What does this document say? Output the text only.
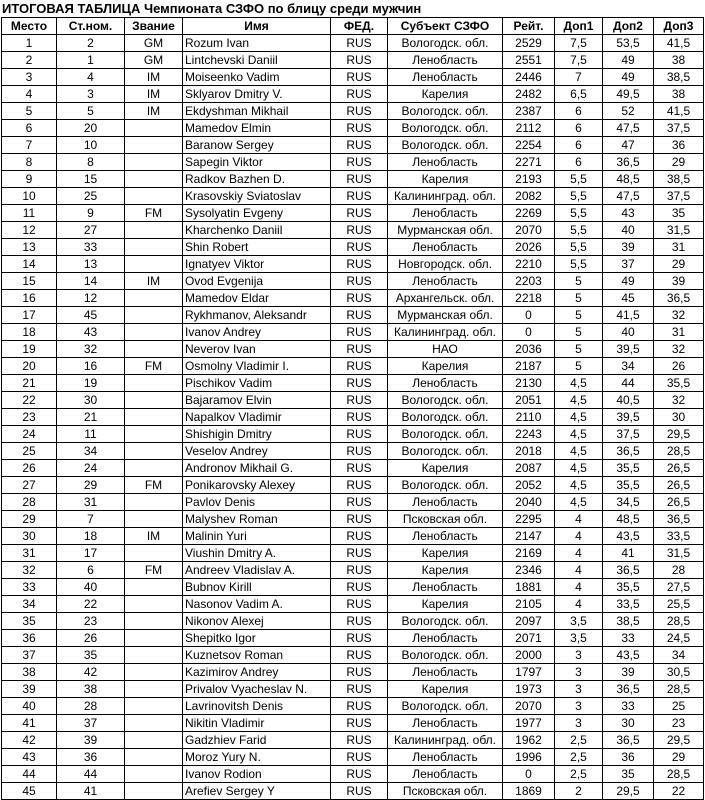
ИТОГОВАЯ ТАБЛИЦА Чемпионата СЗФО по блицу среди мужчин
Место	Ст.ном.	Звание	Имя	ФЕД.	Субъект СЗФО	Рейт.	Доп1	Доп2	Доп3
1	2	GM	Rozum Ivan	RUS	Вологодск. обл.	2529	7,5	53,5	41,5
2	1	GM	Lintchevski Daniil	RUS	Ленобласть	2551	7,5	49	38
3	4	IM	Moiseenko Vadim	RUS	Ленобласть	2446	7	49	38,5
4	3	IM	Sklyarov Dmitry V.	RUS	Карелия	2482	6,5	49,5	38
5	5	IM	Ekdyshman Mikhail	RUS	Вологодск. обл.	2387	6	52	41,5
6	20		Mamedov Elmin	RUS	Вологодск. обл.	2112	6	47,5	37,5
7	10		Baranow Sergey	RUS	Вологодск. обл.	2254	6	47	36
8	8		Sapegin Viktor	RUS	Ленобласть	2271	6	36,5	29
9	15		Radkov Bazhen D.	RUS	Карелия	2193	5,5	48,5	38,5
10	25		Krasovskiy Sviatoslav	RUS	Калининград. обл.	2082	5,5	47,5	37,5
11	9	FM	Sysolyatin Evgeny	RUS	Ленобласть	2269	5,5	43	35
12	27		Kharchenko Daniil	RUS	Мурманская обл.	2070	5,5	40	31,5
13	33		Shin Robert	RUS	Ленобласть	2026	5,5	39	31
14	13		Ignatyev Viktor	RUS	Новгородск. обл.	2210	5,5	37	29
15	14	IM	Ovod Evgenija	RUS	Ленобласть	2203	5	49	39
16	12		Mamedov Eldar	RUS	Архангельск. обл.	2218	5	45	36,5
17	45		Rykhmanov, Aleksandr	RUS	Мурманская обл.	0	5	41,5	32
18	43		Ivanov Andrey	RUS	Калининград. обл.	0	5	40	31
19	32		Neverov Ivan	RUS	НАО	2036	5	39,5	32
20	16	FM	Osmolny Vladimir I.	RUS	Карелия	2187	5	34	26
21	19		Pischikov Vadim	RUS	Ленобласть	2130	4,5	44	35,5
22	30		Bajaramov Elvin	RUS	Вологодск. обл.	2051	4,5	40,5	32
23	21		Napalkov Vladimir	RUS	Вологодск. обл.	2110	4,5	39,5	30
24	11		Shishigin Dmitry	RUS	Вологодск. обл.	2243	4,5	37,5	29,5
25	34		Veselov Andrey	RUS	Вологодск. обл.	2018	4,5	36,5	28,5
26	24		Andronov Mikhail G.	RUS	Карелия	2087	4,5	35,5	26,5
27	29	FM	Ponikarovsky Alexey	RUS	Вологодск. обл.	2052	4,5	35,5	26,5
28	31		Pavlov Denis	RUS	Ленобласть	2040	4,5	34,5	26,5
29	7		Malyshev Roman	RUS	Псковская обл.	2295	4	48,5	36,5
30	18	IM	Malinin Yuri	RUS	Ленобласть	2147	4	43,5	33,5
31	17		Viushin Dmitry A.	RUS	Карелия	2169	4	41	31,5
32	6	FM	Andreev Vladislav A.	RUS	Карелия	2346	4	36,5	28
33	40		Bubnov Kirill	RUS	Ленобласть	1881	4	35,5	27,5
34	22		Nasonov Vadim A.	RUS	Карелия	2105	4	33,5	25,5
35	23		Nikonov Alexej	RUS	Вологодск. обл.	2097	3,5	38,5	28,5
36	26		Shepitko Igor	RUS	Ленобласть	2071	3,5	33	24,5
37	35		Kuznetsov Roman	RUS	Вологодск. обл.	2000	3	43,5	34
38	42		Kazimirov Andrey	RUS	Ленобласть	1797	3	39	30,5
39	38		Privalov Vyacheslav N.	RUS	Карелия	1973	3	36,5	28,5
40	28		Lavrinovitsh Denis	RUS	Вологодск. обл.	2070	3	33	25
41	37		Nikitin Vladimir	RUS	Ленобласть	1977	3	30	23
42	39		Gadzhiev Farid	RUS	Калининград. обл.	1962	2,5	36,5	29,5
43	36		Moroz Yury N.	RUS	Ленобласть	1996	2,5	36	29
44	44		Ivanov Rodion	RUS	Ленобласть	0	2,5	35	28,5
45	41		Arefiev Sergey Y	RUS	Псковская обл.	1869	2	29,5	22
